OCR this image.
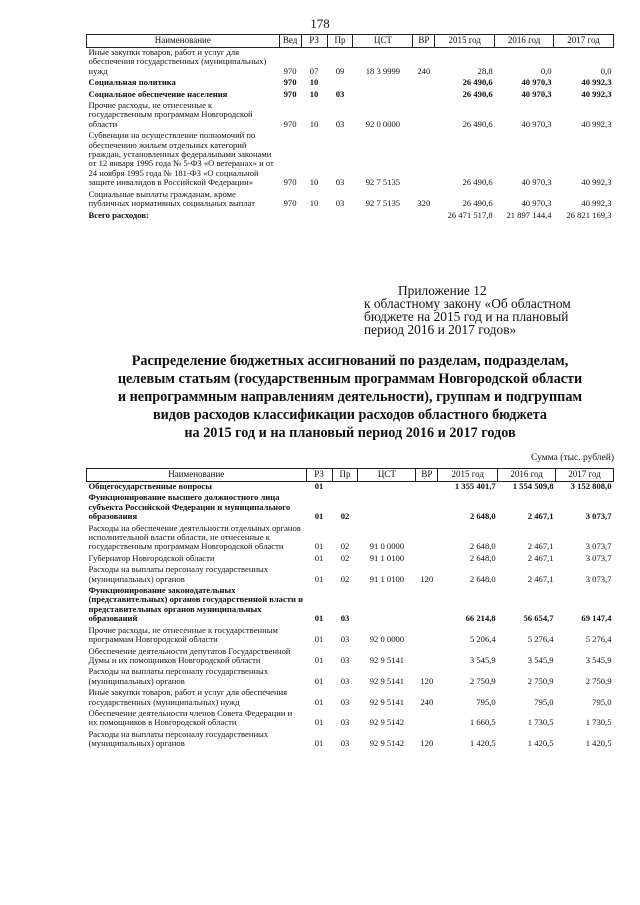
178
Наименование	Вед	РЗ	Пр	ЦСТ	ВР	2015 год	2016 год	2017 год
Иные закупки товаров, работ и услуг для обеспечения государственных (муниципальных) нужд	970	07	09	18 3 9999	240	28,8	0,0	0,0
Социальная политика	970	10				26 490,6	40 970,3	40 992,3
Социальное обеспечение населения	970	10	03			26 490,6	40 970,3	40 992,3
Прочие расходы, не отнесенные к государственным программам Новгородской области	970	10	03	92 0 0000		26 490,6	40 970,3	40 992,3
Субвенции на осуществление полномочий по обеспечению жильем отдельных категорий граждан, установленных федеральными законами от 12 января 1995 года № 5-ФЗ «О ветеранах» и от 24 ноября 1995 года № 181-ФЗ «О социальной защите инвалидов в Российской Федерации»	970	10	03	92 7 5135		26 490,6	40 970,3	40 992,3
Социальные выплаты гражданам, кроме публичных нормативных социальных выплат	970	10	03	92 7 5135	320	26 490,6	40 970,3	40 992,3
Всего расходов:						26 471 517,8	21 897 144,4	26 821 169,3
Приложение 12
к областному закону «Об областном
бюджете на 2015 год и на плановый
период 2016 и 2017 годов»
Распределение бюджетных ассигнований по разделам, подразделам,
целевым статьям (государственным программам Новгородской области
и непрограммным направлениям деятельности), группам и подгруппам
видов расходов классификации расходов областного бюджета
на 2015 год и на плановый период 2016 и 2017 годов
Сумма (тыс. рублей)
Наименование	РЗ	Пр	ЦСТ	ВР	2015 год	2016 год	2017 год
Общегосударственные вопросы	01				1 355 401,7	1 554 509,8	3 152 808,0
Функционирование высшего должностного лица субъекта Российской Федерации и муниципального образования	01	02			2 648,0	2 467,1	3 073,7
Расходы на обеспечение деятельности отдельных органов исполнительной власти области, не отнесенные к государственным программам Новгородской области	01	02	91 0 0000		2 648,0	2 467,1	3 073,7
Губернатор Новгородской области	01	02	91 1 0100		2 648,0	2 467,1	3 073,7
Расходы на выплаты персоналу государственных (муниципальных) органов	01	02	91 1 0100	120	2 648,0	2 467,1	3 073,7
Функционирование законодательных (представительных) органов государственной власти и представительных органов муниципальных образований	01	03			66 214,8	56 654,7	69 147,4
Прочие расходы, не отнесенные к государственным программам Новгородской области	01	03	92 0 0000		5 206,4	5 276,4	5 276,4
Обеспечение деятельности депутатов Государственной Думы и их помощников Новгородской области	01	03	92 9 5141		3 545,9	3 545,9	3 545,9
Расходы на выплаты персоналу государственных (муниципальных) органов	01	03	92 9 5141	120	2 750,9	2 750,9	2 750,9
Иные закупки товаров, работ и услуг для обеспечения государственных (муниципальных) нужд	01	03	92 9 5141	240	795,0	795,0	795,0
Обеспечение деятельности членов Совета Федерации и их помощников в Новгородской области	01	03	92 9 5142		1 660,5	1 730,5	1 730,5
Расходы на выплаты персоналу государственных (муниципальных) органов	01	03	92 9 5142	120	1 420,5	1 420,5	1 420,5
